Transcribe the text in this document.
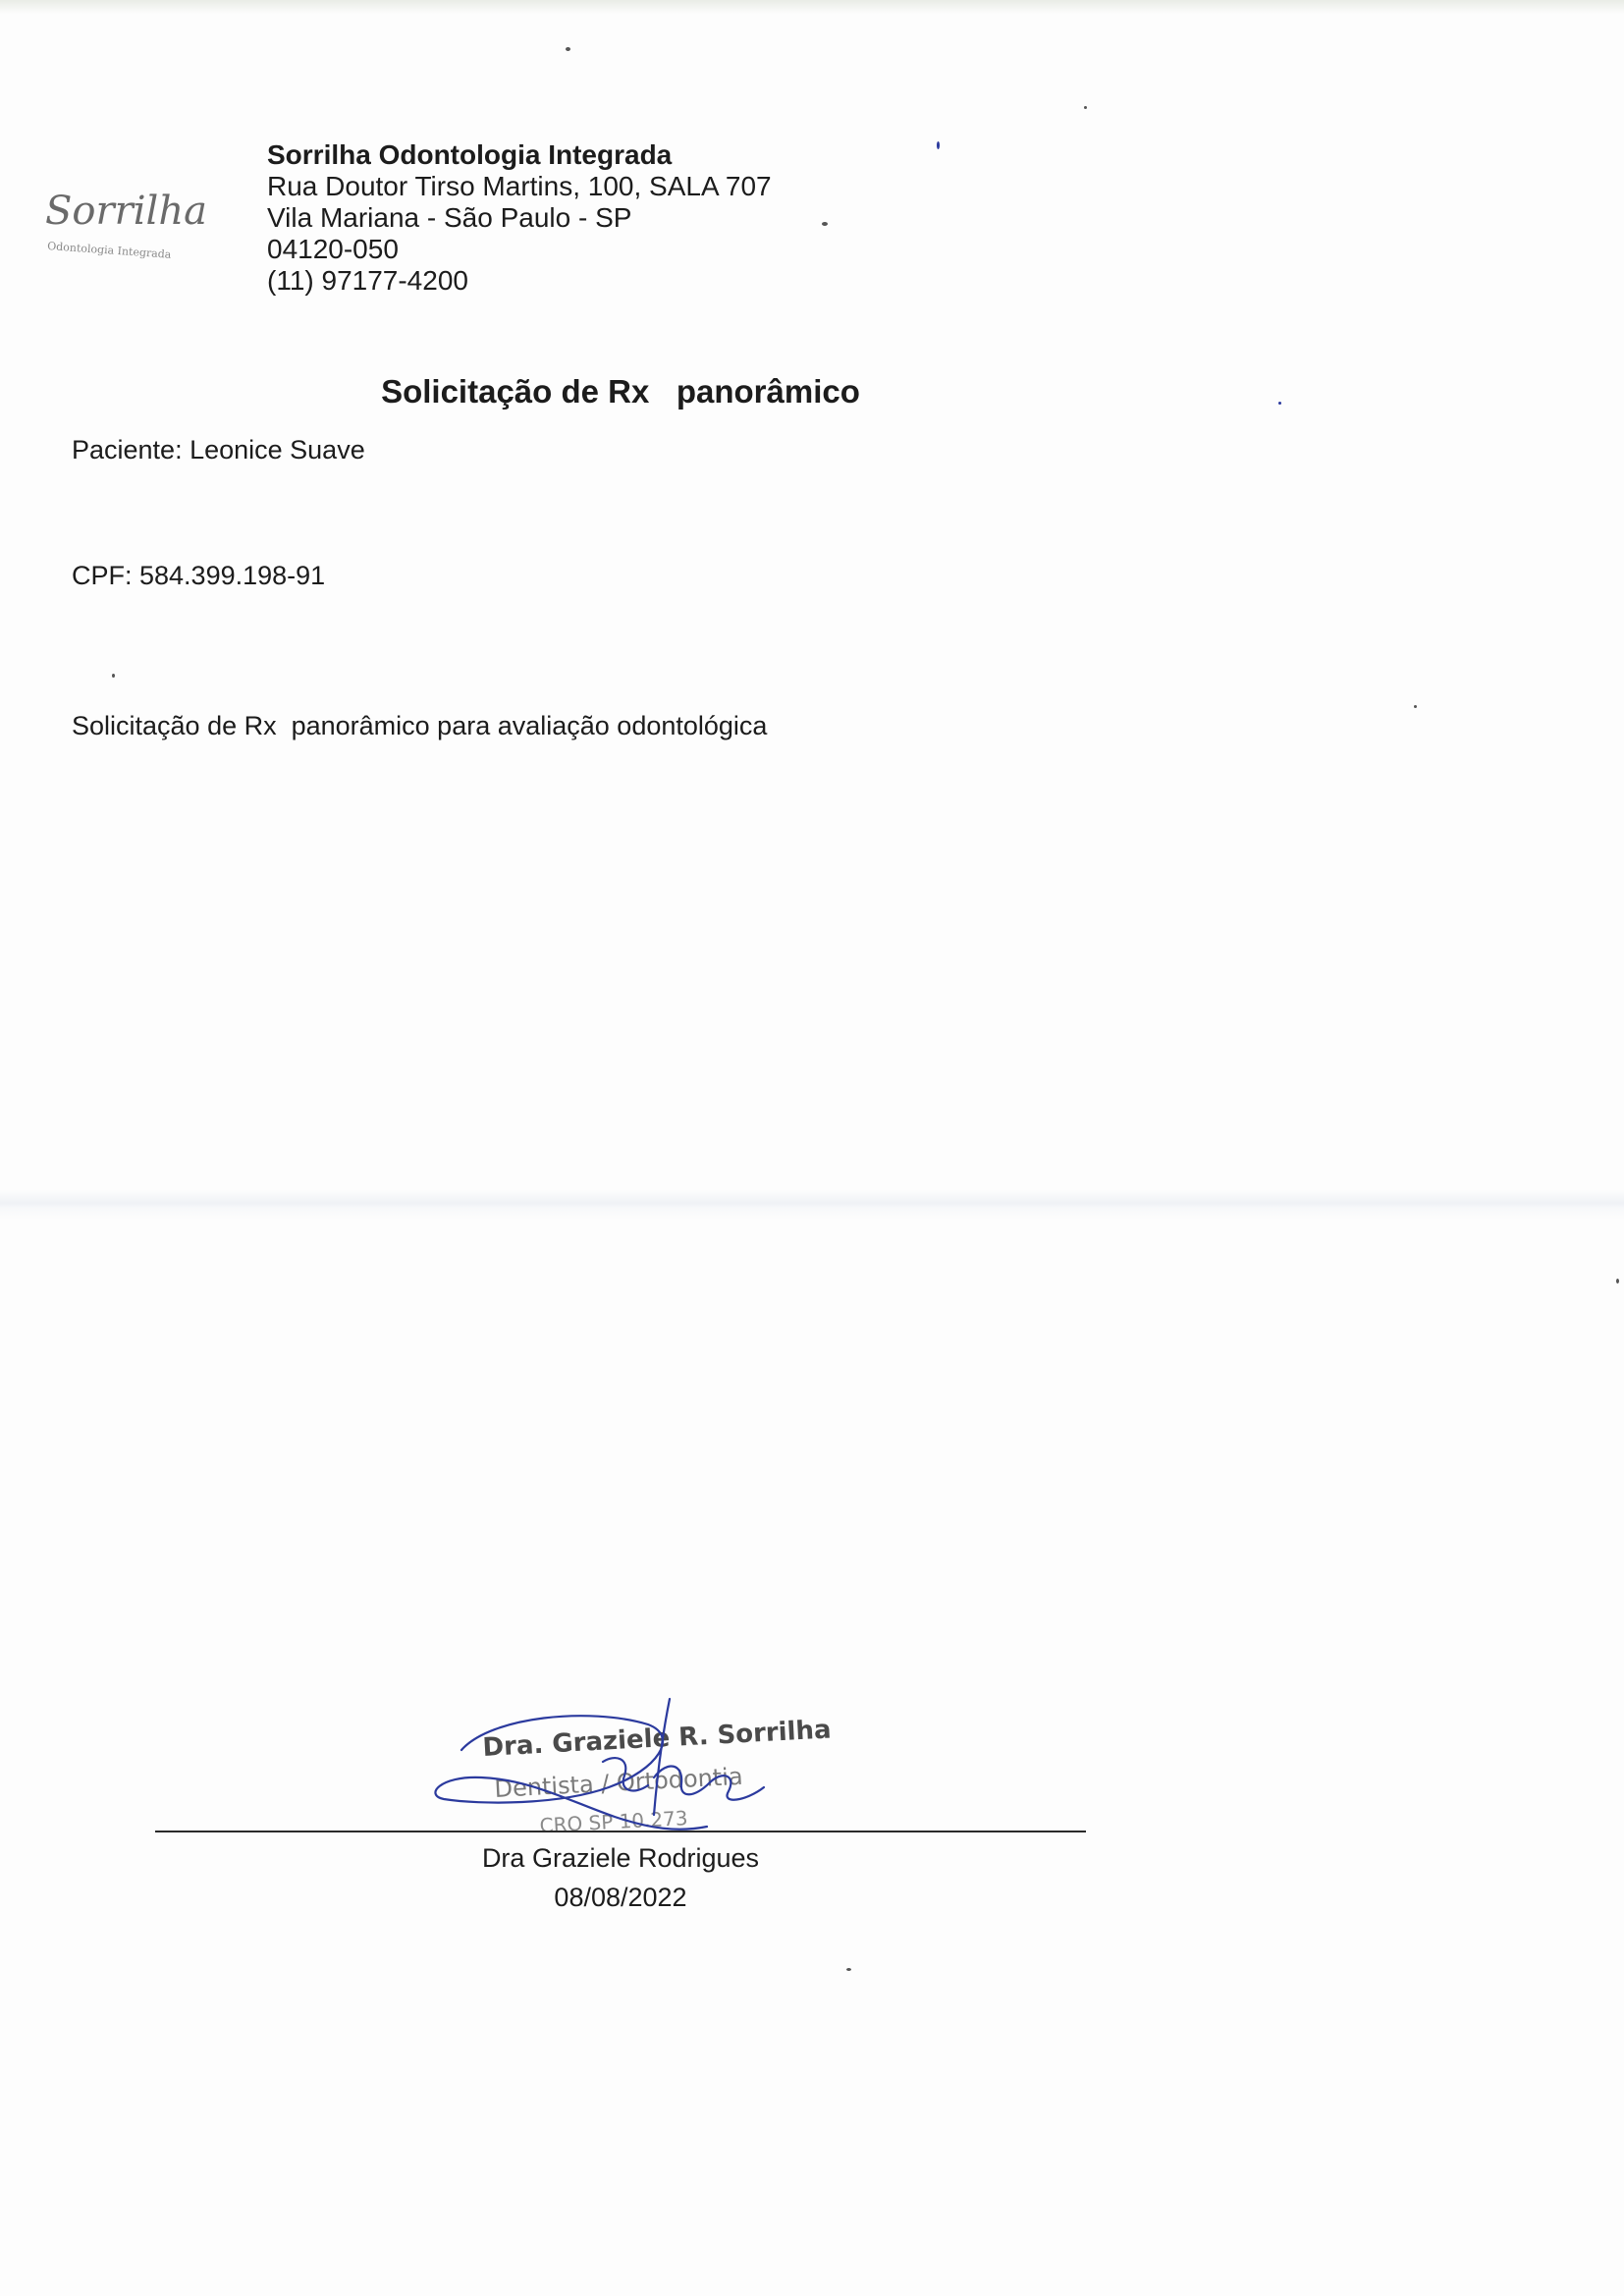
Sorrilha
Odontologia Integrada
Sorrilha Odontologia Integrada
Rua Doutor Tirso Martins, 100, SALA 707
Vila Mariana - São Paulo - SP
04120-050
(11) 97177-4200
Solicitação de Rx   panorâmico
Paciente: Leonice Suave
CPF: 584.399.198-91
Solicitação de Rx  panorâmico para avaliação odontológica
Dra. Graziele R. Sorrilha
Dentista / Ortodontia
CRO SP 10.273
Dra Graziele Rodrigues
08/08/2022
